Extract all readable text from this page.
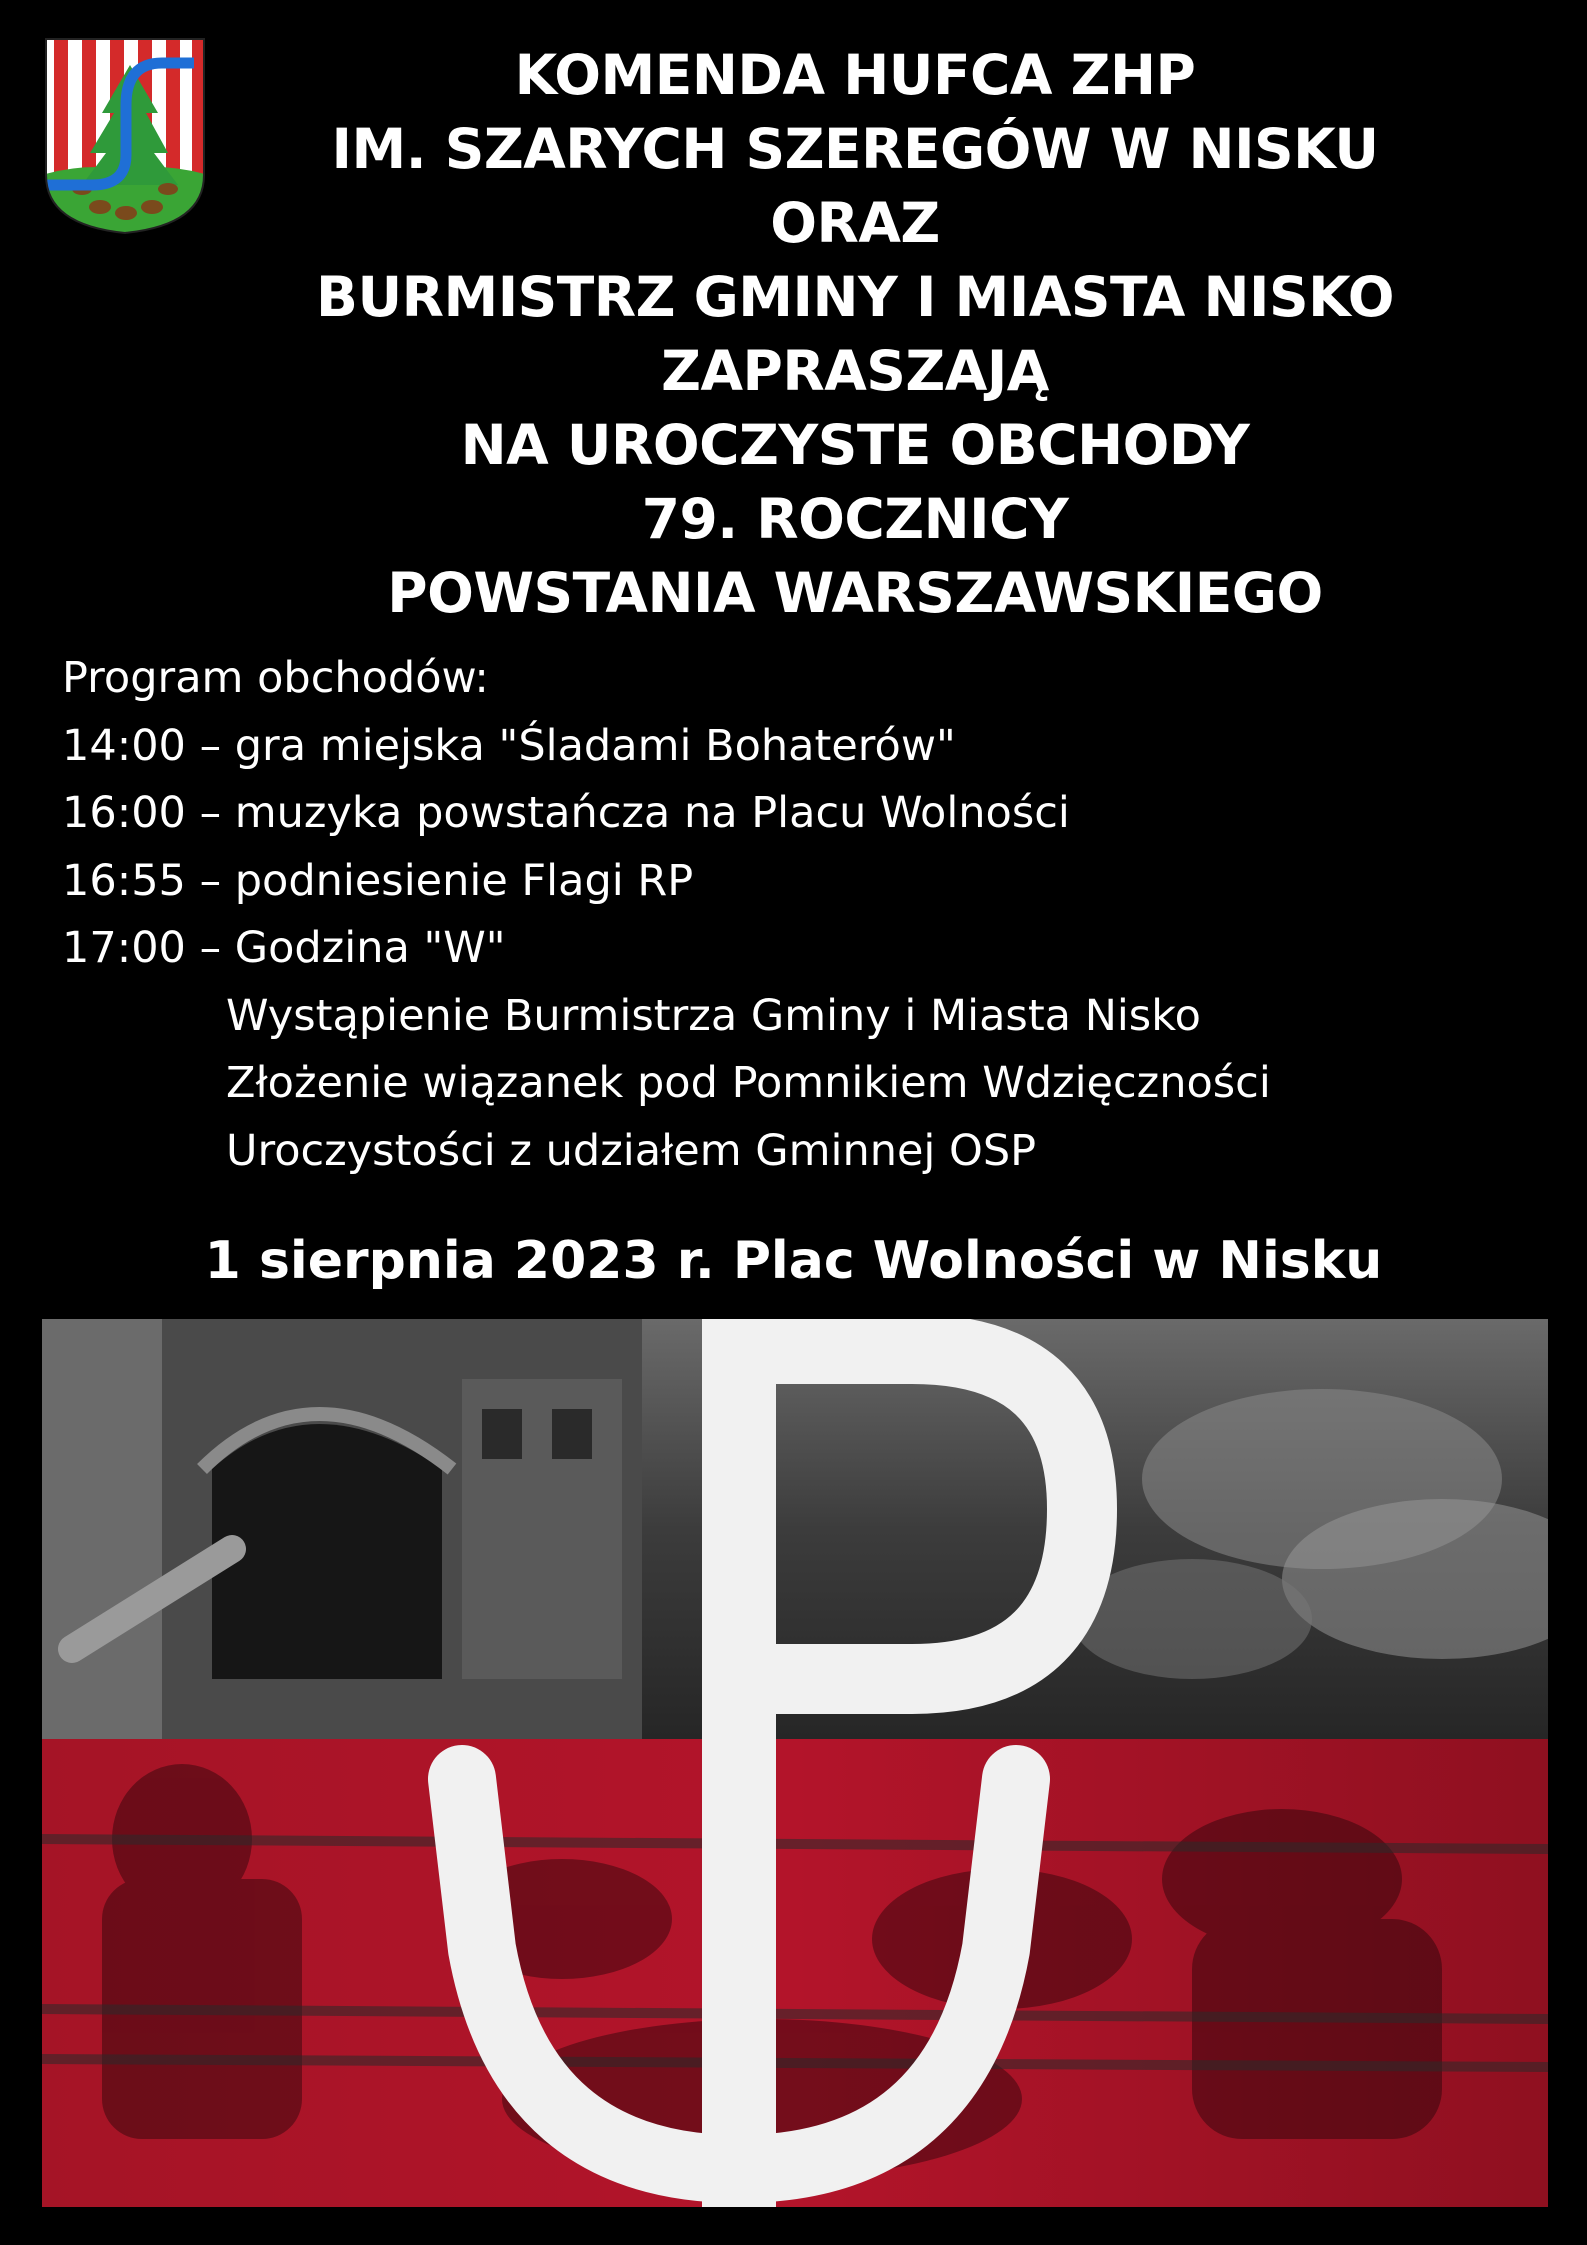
KOMENDA HUFCA ZHP
IM. SZARYCH SZEREGÓW W NISKU
ORAZ
BURMISTRZ GMINY I MIASTA NISKO
ZAPRASZAJĄ
NA UROCZYSTE OBCHODY
79. ROCZNICY
POWSTANIA WARSZAWSKIEGO
Program obchodów:
14:00 – gra miejska "Śladami Bohaterów"
16:00 – muzyka powstańcza na Placu Wolności
16:55 – podniesienie Flagi RP
17:00 – Godzina "W"
Wystąpienie Burmistrza Gminy i Miasta Nisko
Złożenie wiązanek pod Pomnikiem Wdzięczności
Uroczystości z udziałem Gminnej OSP
1 sierpnia 2023 r. Plac Wolności w Nisku
